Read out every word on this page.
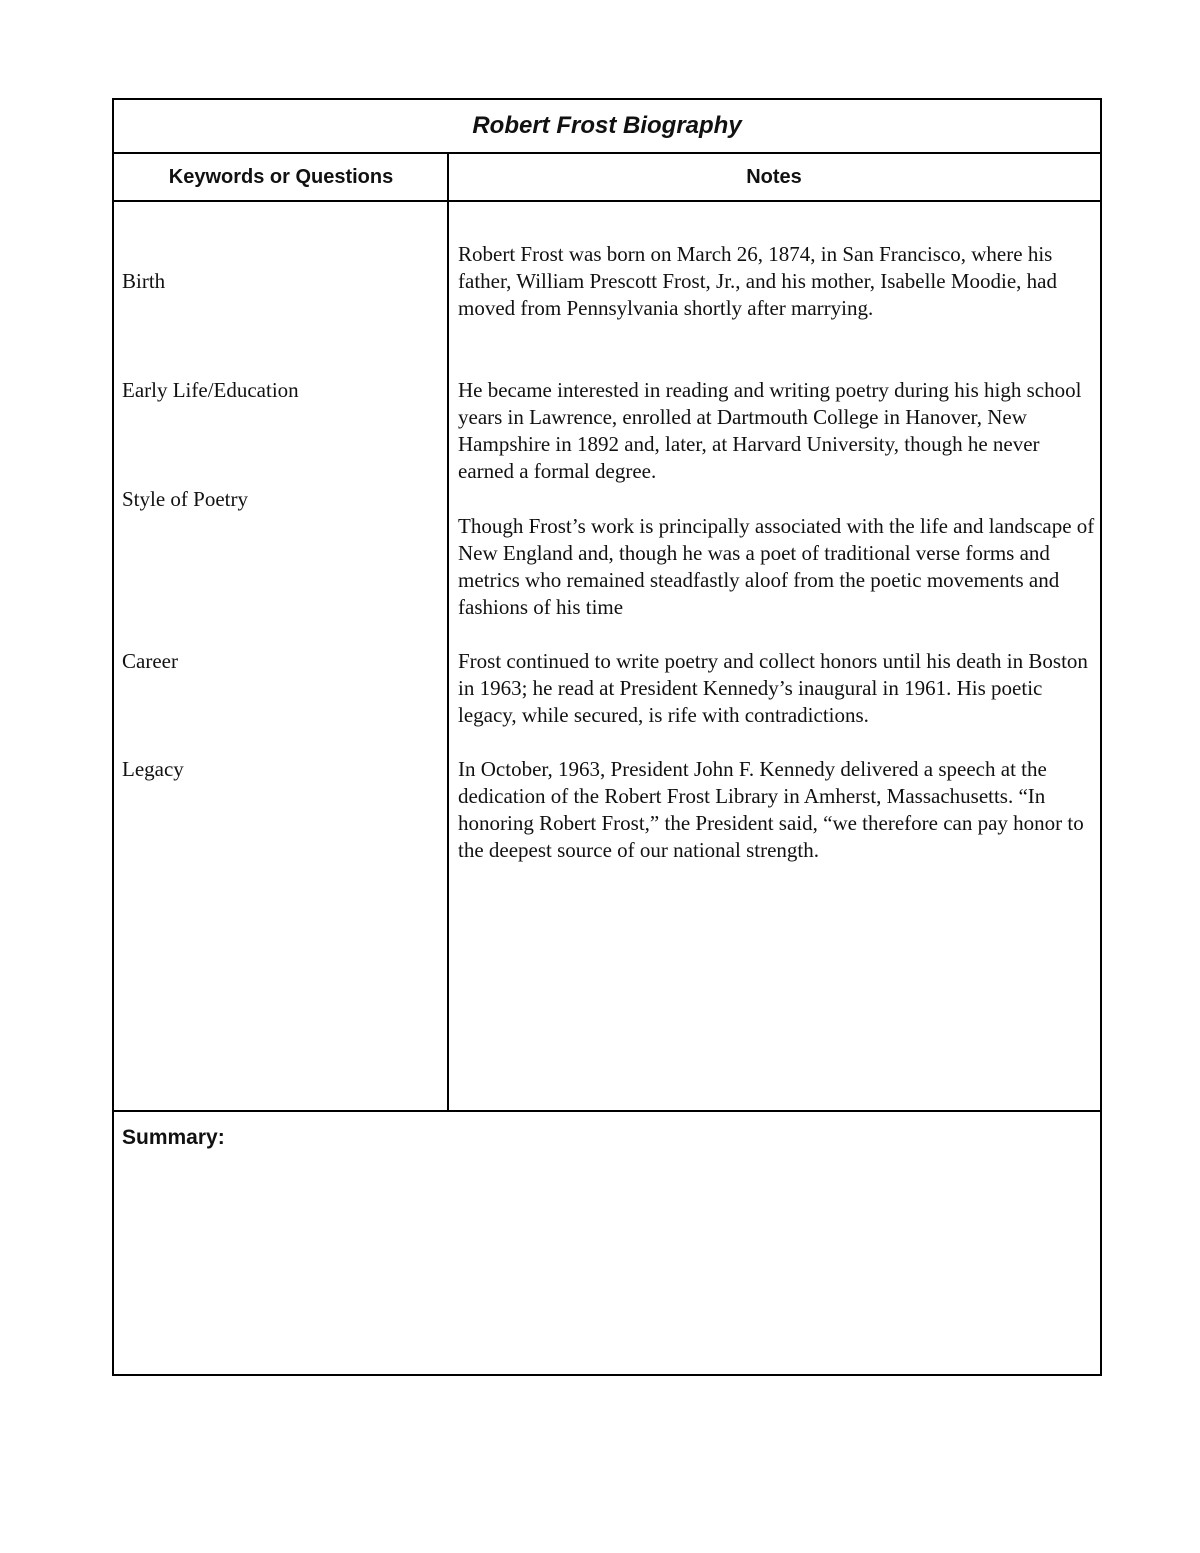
Robert Frost Biography
Keywords or Questions	Notes
Birth
Early Life/Education
Style of Poetry
Career
Legacy
Robert Frost was born on March 26, 1874, in San Francisco, where his father, William Prescott Frost, Jr., and his mother, Isabelle Moodie, had moved from Pennsylvania shortly after marrying.
He became interested in reading and writing poetry during his high school years in Lawrence, enrolled at Dartmouth College in Hanover, New Hampshire in 1892 and, later, at Harvard University, though he never earned a formal degree.
Though Frost’s work is principally associated with the life and landscape of New England and, though he was a poet of traditional verse forms and metrics who remained steadfastly aloof from the poetic movements and fashions of his time
Frost continued to write poetry and collect honors until his death in Boston in 1963; he read at President Kennedy’s inaugural in 1961. His poetic legacy, while secured, is rife with contradictions.
In October, 1963, President John F. Kennedy delivered a speech at the dedication of the Robert Frost Library in Amherst, Massachusetts. “In honoring Robert Frost,” the President said, “we therefore can pay honor to the deepest source of our national strength.
Summary:
